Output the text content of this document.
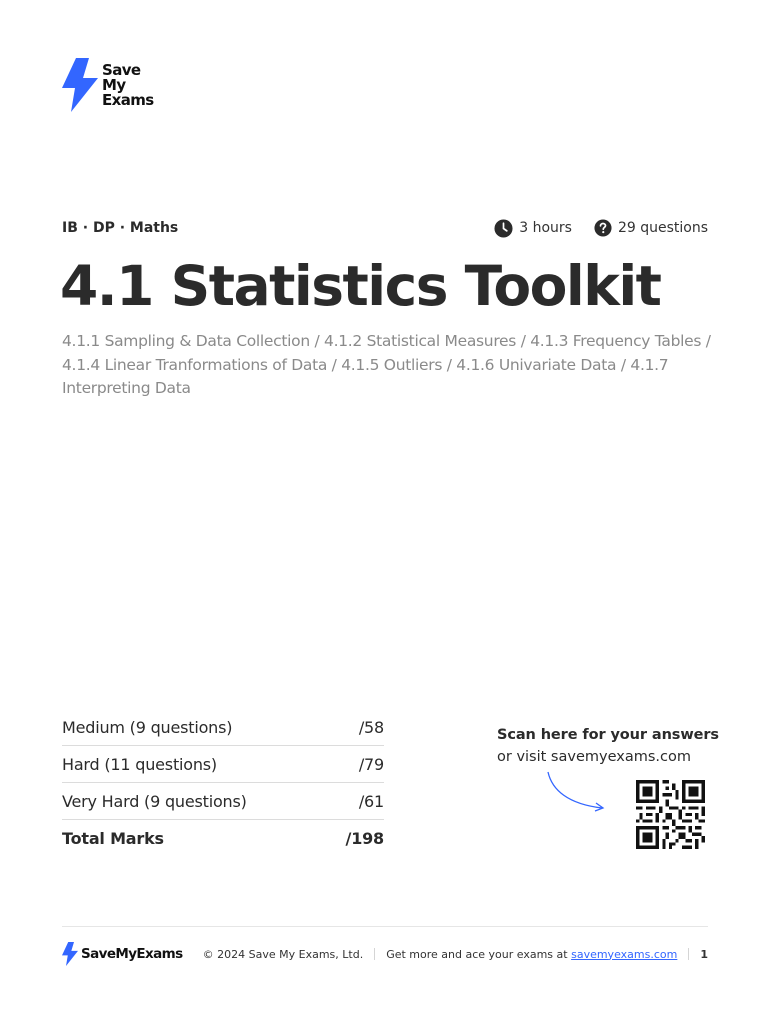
Save
My
Exams
IB · DP · Maths	3 hours	29 questions
4.1 Statistics Toolkit

4.1.1 Sampling & Data Collection / 4.1.2 Statistical Measures / 4.1.3 Frequency Tables / 4.1.4 Linear Tranformations of Data / 4.1.5 Outliers / 4.1.6 Univariate Data / 4.1.7 Interpreting Data

Medium (9 questions)	/58
Hard (11 questions)	/79
Very Hard (9 questions)	/61
Total Marks	/198
Scan here for your answers
or visit savemyexams.com
SaveMyExams © 2024 Save My Exams, Ltd. Get more and ace your exams at savemyexams.com 1
